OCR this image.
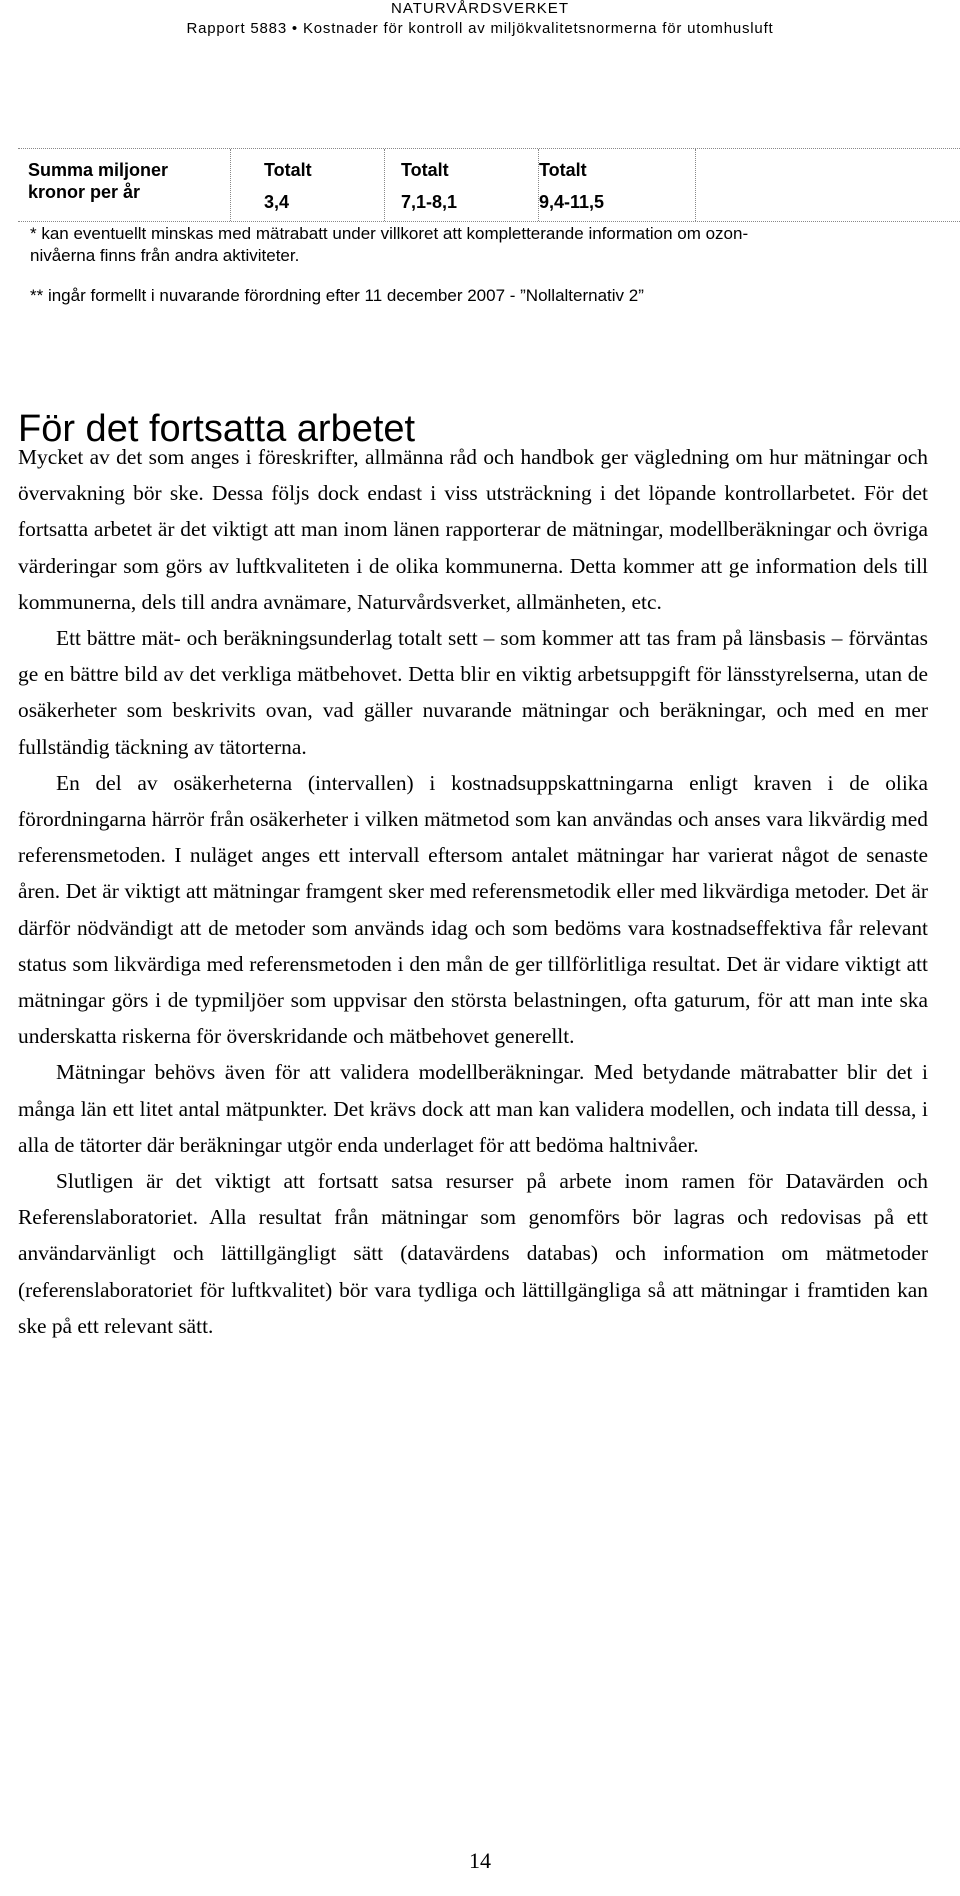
NATURVÅRDSVERKET
Rapport 5883 • Kostnader för kontroll av miljökvalitetsnormerna för utomhusluft
Summa miljoner
kronor per år
Totalt
3,4
Totalt
7,1-8,1
Totalt
9,4-11,5
* kan eventuellt minskas med mätrabatt under villkoret att kompletterande information om ozon-
nivåerna finns från andra aktiviteter.
** ingår formellt i nuvarande förordning efter 11 december 2007 - ”Nollalternativ 2”
För det fortsatta arbetet

Mycket av det som anges i föreskrifter, allmänna råd och handbok ger vägledning om hur mätningar och övervakning bör ske. Dessa följs dock endast i viss utsträckning i det löpande kontrollarbetet. För det fortsatta arbetet är det viktigt att man inom länen rapporterar de mätningar, modellberäkningar och övriga värderingar som görs av luftkvaliteten i de olika kommunerna. Detta kommer att ge information dels till kommunerna, dels till andra avnämare, Naturvårdsverket, allmänheten, etc.

Ett bättre mät- och beräkningsunderlag totalt sett – som kommer att tas fram på länsbasis – förväntas ge en bättre bild av det verkliga mätbehovet. Detta blir en viktig arbetsuppgift för länsstyrelserna, utan de osäkerheter som beskrivits ovan, vad gäller nuvarande mätningar och beräkningar, och med en mer fullständig täckning av tätorterna.

En del av osäkerheterna (intervallen) i kostnadsuppskattningarna enligt kraven i de olika förordningarna härrör från osäkerheter i vilken mätmetod som kan användas och anses vara likvärdig med referensmetoden. I nuläget anges ett intervall eftersom antalet mätningar har varierat något de senaste åren. Det är viktigt att mätningar framgent sker med referensmetodik eller med likvärdiga metoder. Det är därför nödvändigt att de metoder som används idag och som bedöms vara kostnadseffektiva får relevant status som likvärdiga med referensmetoden i den mån de ger tillförlitliga resultat. Det är vidare viktigt att mätningar görs i de typmiljöer som uppvisar den största belastningen, ofta gaturum, för att man inte ska underskatta riskerna för överskridande och mätbehovet generellt.

Mätningar behövs även för att validera modellberäkningar. Med betydande mätrabatter blir det i många län ett litet antal mätpunkter. Det krävs dock att man kan validera modellen, och indata till dessa, i alla de tätorter där beräkningar utgör enda underlaget för att bedöma haltnivåer.

Slutligen är det viktigt att fortsatt satsa resurser på arbete inom ramen för Datavärden och Referenslaboratoriet. Alla resultat från mätningar som genomförs bör lagras och redovisas på ett användarvänligt och lättillgängligt sätt (datavärdens databas) och information om mätmetoder (referenslaboratoriet för luftkvalitet) bör vara tydliga och lättillgängliga så att mätningar i framtiden kan ske på ett relevant sätt.

14
